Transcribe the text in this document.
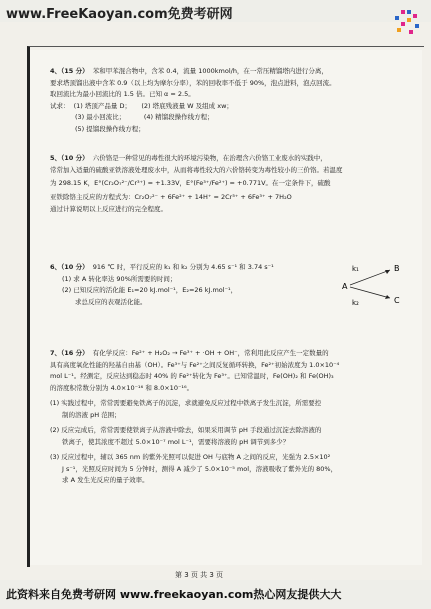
www.FreeKaoyan.com免费考研网

4、（15 分） 苯和甲苯混合物中，含苯 0.4，流量 1000kmol/h，在一常压精馏塔内进行分离，

要求塔顶馏出液中含苯 0.9（以上均为摩尔分率），苯的回收率不低于 90%，泡点进料，泡点回流。

取回流比为最小回流比的 1.5 倍。已知 α = 2.5。

试求： (1) 塔顶产品量 D； (2) 塔底残液量 W 及组成 xw；

(3) 最小回流比；	(4) 精馏段操作线方程；

(5) 提馏段操作线方程；

5、（10 分） 六价铬是一种常见的毒性很大的环境污染物，在治理含六价铬工业废水的实践中，

常常加入适量的硫酸亚铁溶液处理废水中，从而将毒性较大的六价铬转变为毒性较小的三价铬。若温度

为 298.15 K，E°(Cr₂O₇²⁻/Cr³⁺) = +1.33V，E°(Fe³⁺/Fe²⁺) = +0.771V。在一定条件下，硫酸

亚铁除铬主反应的方程式为：Cr₂O₇²⁻ + 6Fe²⁺ + 14H⁺ = 2Cr³⁺ + 6Fe³⁺ + 7H₂O

通过计算说明以上反应进行的完全程度。

6、（10 分） 916 ℃ 时，平行反应的 k₁ 和 k₂ 分别为 4.65 s⁻¹ 和 3.74 s⁻¹

(1) 求 A 转化率达 90%所需要的时间；

(2) 已知反应的活化能 E₁=20 kJ.mol⁻¹，E₂=26 kJ.mol⁻¹，

求总反应的表观活化能。

A
B
C
k₁
k₂

7、（16 分） 有化学反应：Fe²⁺ + H₂O₂ → Fe³⁺ + ·OH + OH⁻，常利用此反应产生一定数量的

具有高度氧化性能的羟基自由基（OH）。Fe³⁺与 Fe²⁺之间反复循环转换，Fe²⁺初始浓度为 1.0×10⁻⁴

mol L⁻¹。经测定，反应达到稳态时 40% 的 Fe²⁺转化为 Fe³⁺。已知常温时，Fe(OH)₂ 和 Fe(OH)₃

的溶度积常数分别为 4.0×10⁻¹⁶ 和 8.0×10⁻¹⁶。

(1) 实践过程中，常常需要避免铁离子的沉淀，求就避免反应过程中铁离子发生沉淀，所需要控

制的溶液 pH 范围；

(2) 反应完成后，常常需要使铁离子从溶液中除去，如果采用调节 pH 手段通过沉淀去除溶液的

铁离子，使其浓度不超过 5.0×10⁻⁷ mol L⁻¹，需要将溶液的 pH 调节到多少？

(3) 反应过程中，辅以 365 nm 的紫外光照可以促进 OH 与底物 A 之间的反应，光强为 2.5×10²

J s⁻¹，光照反应时间为 5 分钟时，测得 A 减少了 5.0×10⁻⁵ mol，溶液吸收了紫外光的 80%，

求 A 发生光反应的量子效率。

第 3 页 共 3 页
此资料来自免费考研网 www.freekaoyan.com热心网友提供大大
